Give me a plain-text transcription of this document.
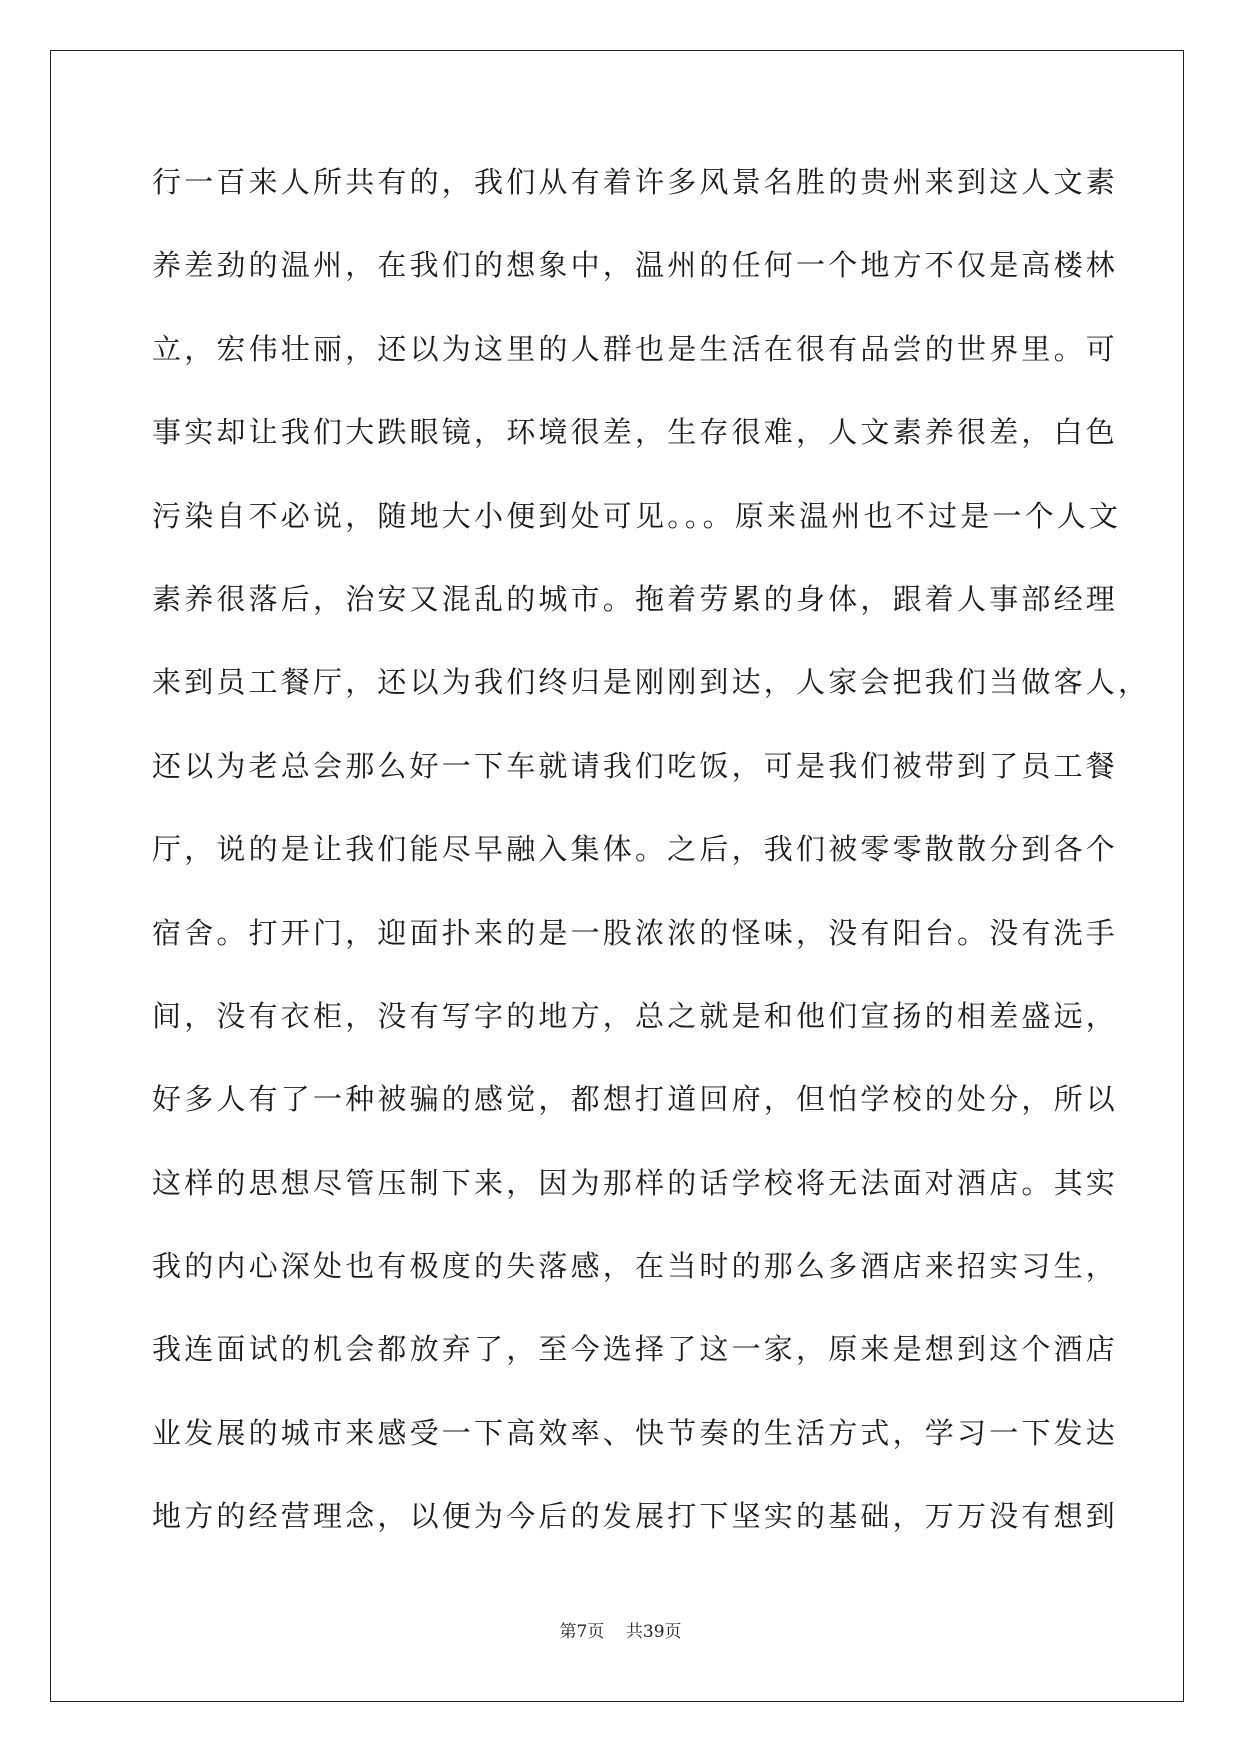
行一百来人所共有的，我们从有着许多风景名胜的贵州来到这人文素
养差劲的温州，在我们的想象中，温州的任何一个地方不仅是高楼林
立，宏伟壮丽，还以为这里的人群也是生活在很有品尝的世界里。可
事实却让我们大跌眼镜，环境很差，生存很难，人文素养很差，白色
污染自不必说，随地大小便到处可见。。。原来温州也不过是一个人文
素养很落后，治安又混乱的城市。拖着劳累的身体，跟着人事部经理
来到员工餐厅，还以为我们终归是刚刚到达，人家会把我们当做客人，
还以为老总会那么好一下车就请我们吃饭，可是我们被带到了员工餐
厅，说的是让我们能尽早融入集体。之后，我们被零零散散分到各个
宿舍。打开门，迎面扑来的是一股浓浓的怪味，没有阳台。没有洗手
间，没有衣柜，没有写字的地方，总之就是和他们宣扬的相差盛远，
好多人有了一种被骗的感觉，都想打道回府，但怕学校的处分，所以
这样的思想尽管压制下来，因为那样的话学校将无法面对酒店。其实
我的内心深处也有极度的失落感，在当时的那么多酒店来招实习生，
我连面试的机会都放弃了，至今选择了这一家，原来是想到这个酒店
业发展的城市来感受一下高效率、快节奏的生活方式，学习一下发达
地方的经营理念，以便为今后的发展打下坚实的基础，万万没有想到
第7页 共39页
